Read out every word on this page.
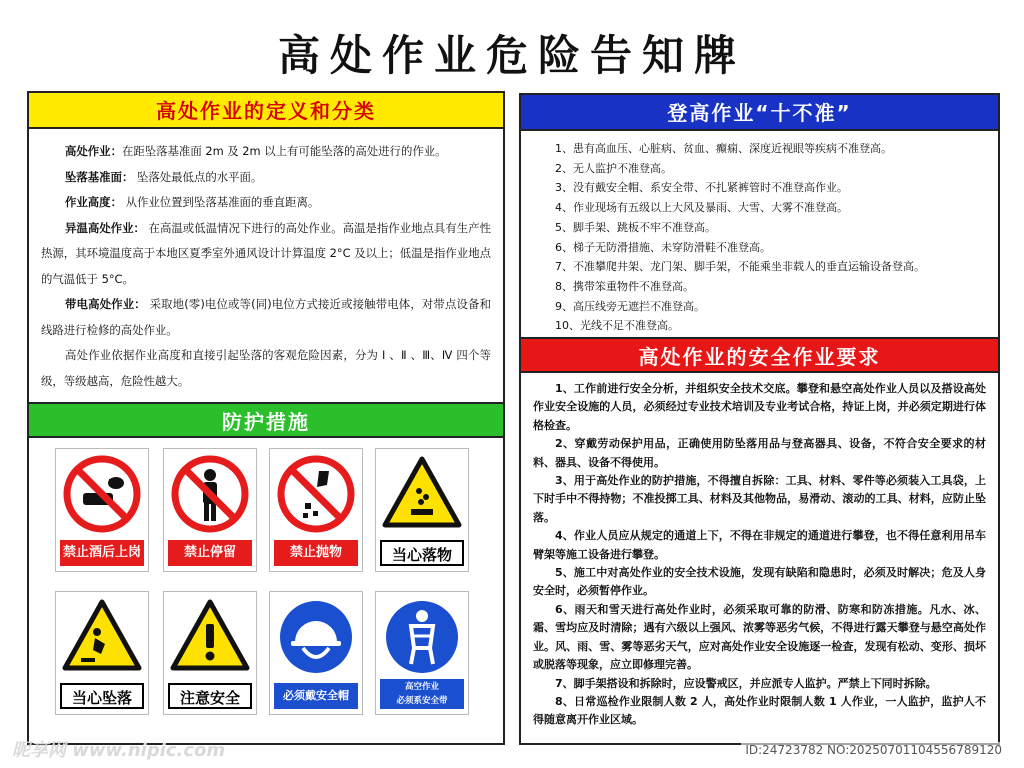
高处作业危险告知牌
高处作业的定义和分类

高处作业：在距坠落基准面 2m 及 2m 以上有可能坠落的高处进行的作业。

坠落基准面： 坠落处最低点的水平面。

作业高度： 从作业位置到坠落基准面的垂直距离。

异温高处作业： 在高温或低温情况下进行的高处作业。高温是指作业地点具有生产性热源，其环境温度高于本地区夏季室外通风设计计算温度 2°C 及以上；低温是指作业地点的气温低于 5°C。

带电高处作业： 采取地(零)电位或等(同)电位方式接近或接触带电体，对带点设备和线路进行检修的高处作业。

高处作业依据作业高度和直接引起坠落的客观危险因素，分为 Ⅰ 、Ⅱ 、Ⅲ、Ⅳ 四个等级，等级越高，危险性越大。

防护措施
禁止酒后上岗	禁止停留	禁止抛物	当心落物
当心坠落	注意安全	必须戴安全帽
高空作业
必须系安全带
登高作业“十不准”
1、患有高血压、心脏病、贫血、癫痫、深度近视眼等疾病不准登高。
2、无人监护不准登高。
3、没有戴安全帽、系安全带、不扎紧裤管时不准登高作业。
4、作业现场有五级以上大风及暴雨、大雪、大雾不准登高。
5、脚手架、跳板不牢不准登高。
6、梯子无防滑措施、未穿防滑鞋不准登高。
7、不准攀爬井架、龙门架、脚手架，不能乘坐非载人的垂直运输设备登高。
8、携带笨重物件不准登高。
9、高压线旁无遮拦不准登高。
10、光线不足不准登高。
高处作业的安全作业要求

1、工作前进行安全分析，并组织安全技术交底。攀登和悬空高处作业人员以及搭设高处作业安全设施的人员，必须经过专业技术培训及专业考试合格，持证上岗，并必须定期进行体格检查。

2、穿戴劳动保护用品，正确使用防坠落用品与登高器具、设备，不符合安全要求的材料、器具、设备不得使用。

3、用于高处作业的防护措施，不得擅自拆除：工具、材料、零件等必须装入工具袋，上下时手中不得持物；不准投掷工具、材料及其他物品，易滑动、滚动的工具、材料，应防止坠落。

4、作业人员应从规定的通道上下，不得在非规定的通道进行攀登，也不得任意利用吊车臂架等施工设备进行攀登。

5、施工中对高处作业的安全技术设施，发现有缺陷和隐患时，必须及时解决；危及人身安全时，必须暂停作业。

6、雨天和雪天进行高处作业时，必须采取可靠的防滑、防寒和防冻措施。凡水、冰、霜、雪均应及时清除；遇有六级以上强风、浓雾等恶劣气候，不得进行露天攀登与悬空高处作业。风、雨、雪、雾等恶劣天气，应对高处作业安全设施逐一检查，发现有松动、变形、损坏或脱落等现象，应立即修理完善。

7、脚手架搭设和拆除时，应设警戒区，并应派专人监护。严禁上下同时拆除。

8、日常巡检作业限制人数 2 人，高处作业时限制人数 1 人作业，一人监护，监护人不得随意离开作业区域。

昵享网 www.nipic.com	ID:24723782 NO:20250701104556789120
